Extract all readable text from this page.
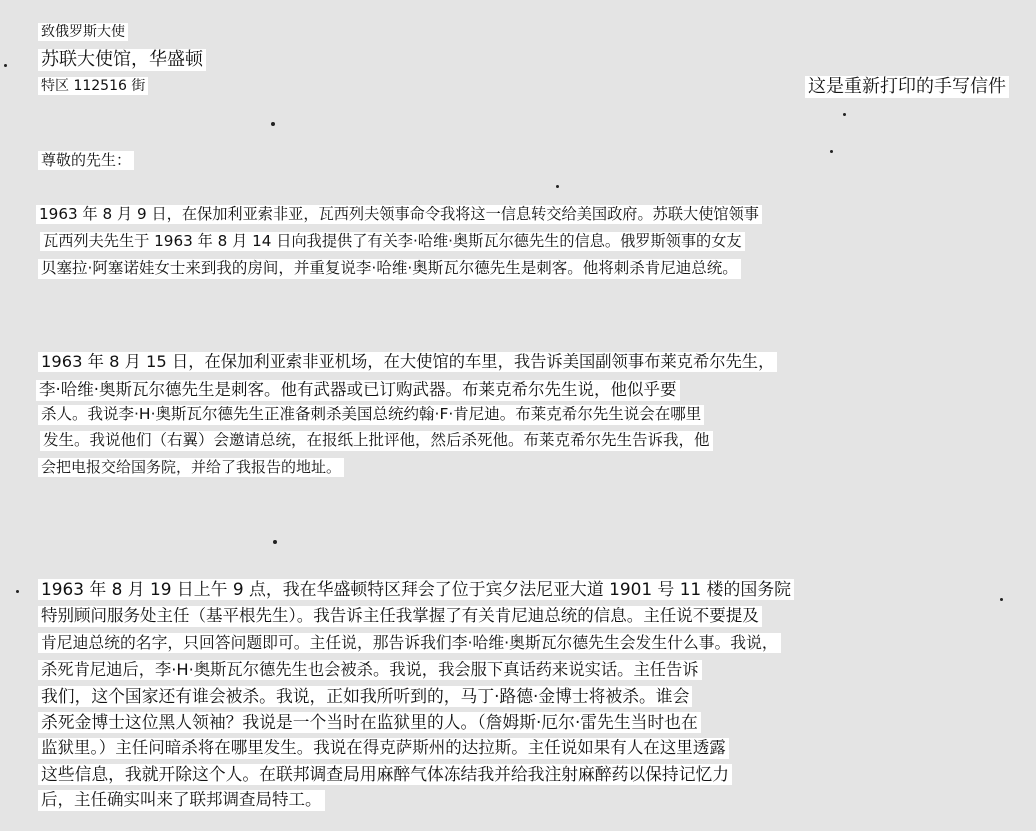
致俄罗斯大使
苏联大使馆，华盛顿
特区 112516 街	这是重新打印的手写信件
尊敬的先生：
1963 年 8 月 9 日，在保加利亚索非亚，瓦西列夫领事命令我将这一信息转交给美国政府。苏联大使馆领事
瓦西列夫先生于 1963 年 8 月 14 日向我提供了有关李·哈维·奥斯瓦尔德先生的信息。俄罗斯领事的女友
贝塞拉·阿塞诺娃女士来到我的房间，并重复说李·哈维·奥斯瓦尔德先生是刺客。他将刺杀肯尼迪总统。
1963 年 8 月 15 日，在保加利亚索非亚机场，在大使馆的车里，我告诉美国副领事布莱克希尔先生，
李·哈维·奥斯瓦尔德先生是刺客。他有武器或已订购武器。布莱克希尔先生说，他似乎要
杀人。我说李·H·奥斯瓦尔德先生正准备刺杀美国总统约翰·F·肯尼迪。布莱克希尔先生说会在哪里
发生。我说他们（右翼）会邀请总统，在报纸上批评他，然后杀死他。布莱克希尔先生告诉我，他
会把电报交给国务院，并给了我报告的地址。
1963 年 8 月 19 日上午 9 点，我在华盛顿特区拜会了位于宾夕法尼亚大道 1901 号 11 楼的国务院
特别顾问服务处主任（基平根先生）。我告诉主任我掌握了有关肯尼迪总统的信息。主任说不要提及
肯尼迪总统的名字，只回答问题即可。主任说，那告诉我们李·哈维·奥斯瓦尔德先生会发生什么事。我说，
杀死肯尼迪后，李·H·奥斯瓦尔德先生也会被杀。我说，我会服下真话药来说实话。主任告诉
我们，这个国家还有谁会被杀。我说，正如我所听到的，马丁·路德·金博士将被杀。谁会
杀死金博士这位黑人领袖？我说是一个当时在监狱里的人。（詹姆斯·厄尔·雷先生当时也在
监狱里。）主任问暗杀将在哪里发生。我说在得克萨斯州的达拉斯。主任说如果有人在这里透露
这些信息，我就开除这个人。在联邦调查局用麻醉气体冻结我并给我注射麻醉药以保持记忆力
后，主任确实叫来了联邦调查局特工。
